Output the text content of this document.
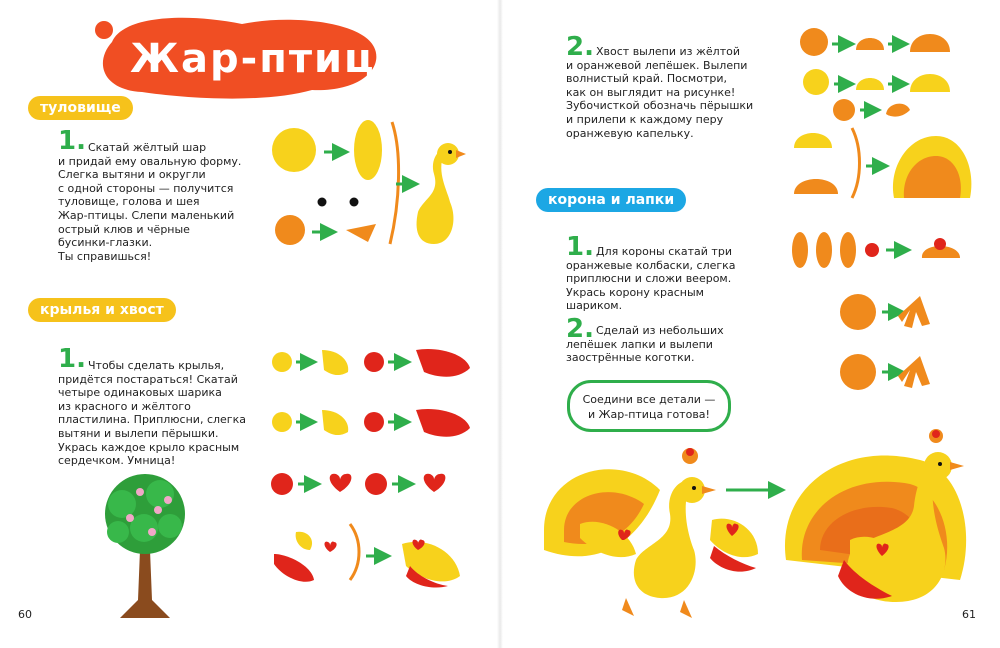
Жар-птица
туловище
крылья и хвост
1. Скатай жёлтый шар
и придай ему овальную форму.
Слегка вытяни и округли
с одной стороны — получится
туловище, голова и шея
Жар-птицы. Слепи маленький
острый клюв и чёрные
бусинки-глазки.
Ты справишься!
1. Чтобы сделать крылья,
придётся постараться! Скатай
четыре одинаковых шарика
из красного и жёлтого
пластилина. Приплюсни, слегка
вытяни и вылепи пёрышки.
Укрась каждое крыло красным
сердечком. Умница!
2. Хвост вылепи из жёлтой
и оранжевой лепёшек. Вылепи
волнистый край. Посмотри,
как он выглядит на рисунке!
Зубочисткой обозначь пёрышки
и прилепи к каждому перу
оранжевую капельку.
корона и лапки
1. Для короны скатай три
оранжевые колбаски, слегка
приплюсни и сложи веером.
Укрась корону красным
шариком.
2. Сделай из небольших
лепёшек лапки и вылепи
заострённые коготки.
Соедини все детали —
и Жар-птица готова!
60	61
